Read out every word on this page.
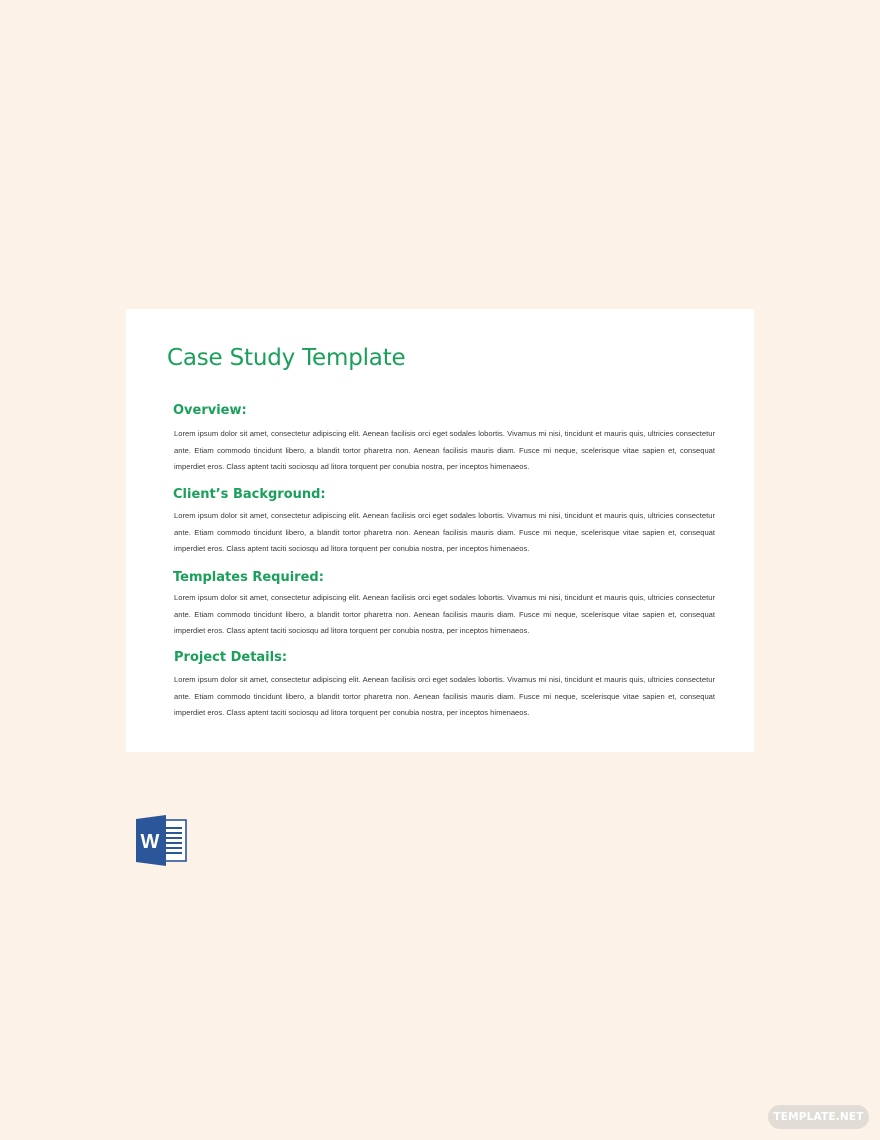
Case Study Template
Overview:

Lorem ipsum dolor sit amet, consectetur adipiscing elit. Aenean facilisis orci eget sodales lobortis. Vivamus mi nisi, tincidunt et mauris quis, ultricies consectetur ante. Etiam commodo tincidunt libero, a blandit tortor pharetra non. Aenean facilisis mauris diam. Fusce mi neque, scelerisque vitae sapien et, consequat imperdiet eros. Class aptent taciti sociosqu ad litora torquent per conubia nostra, per inceptos himenaeos.

Client’s Background:

Lorem ipsum dolor sit amet, consectetur adipiscing elit. Aenean facilisis orci eget sodales lobortis. Vivamus mi nisi, tincidunt et mauris quis, ultricies consectetur ante. Etiam commodo tincidunt libero, a blandit tortor pharetra non. Aenean facilisis mauris diam. Fusce mi neque, scelerisque vitae sapien et, consequat imperdiet eros. Class aptent taciti sociosqu ad litora torquent per conubia nostra, per inceptos himenaeos.

Templates Required:

Lorem ipsum dolor sit amet, consectetur adipiscing elit. Aenean facilisis orci eget sodales lobortis. Vivamus mi nisi, tincidunt et mauris quis, ultricies consectetur ante. Etiam commodo tincidunt libero, a blandit tortor pharetra non. Aenean facilisis mauris diam. Fusce mi neque, scelerisque vitae sapien et, consequat imperdiet eros. Class aptent taciti sociosqu ad litora torquent per conubia nostra, per inceptos himenaeos.

Project Details:

Lorem ipsum dolor sit amet, consectetur adipiscing elit. Aenean facilisis orci eget sodales lobortis. Vivamus mi nisi, tincidunt et mauris quis, ultricies consectetur ante. Etiam commodo tincidunt libero, a blandit tortor pharetra non. Aenean facilisis mauris diam. Fusce mi neque, scelerisque vitae sapien et, consequat imperdiet eros. Class aptent taciti sociosqu ad litora torquent per conubia nostra, per inceptos himenaeos.

W
TEMPLATE.NET
